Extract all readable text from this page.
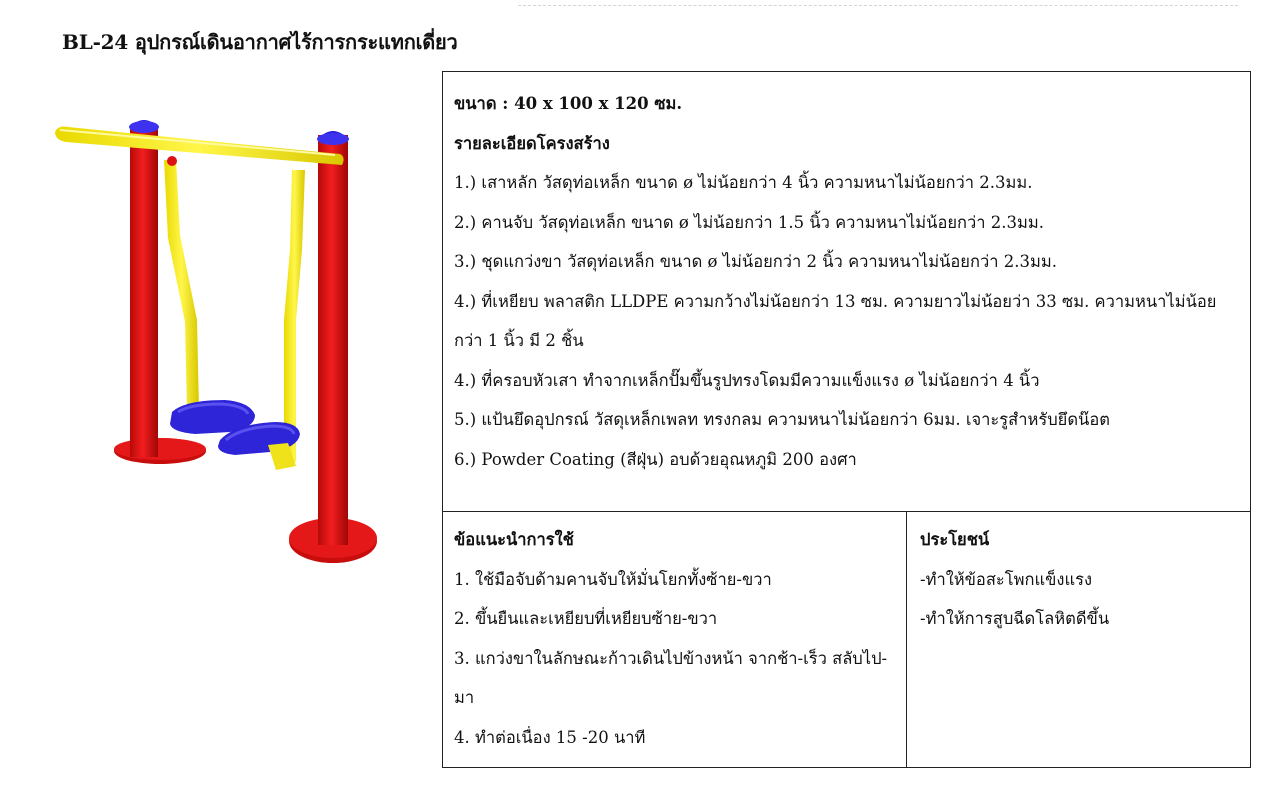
BL-24 อุปกรณ์เดินอากาศไร้การกระแทกเดี่ยว
ขนาด : 40 x 100 x 120 ซม.
รายละเอียดโครงสร้าง
1.) เสาหลัก วัสดุท่อเหล็ก ขนาด ø ไม่น้อยกว่า 4 นิ้ว ความหนาไม่น้อยกว่า 2.3มม.
2.) คานจับ วัสดุท่อเหล็ก ขนาด ø ไม่น้อยกว่า 1.5 นิ้ว ความหนาไม่น้อยกว่า 2.3มม.
3.) ชุดแกว่งขา วัสดุท่อเหล็ก ขนาด ø ไม่น้อยกว่า 2 นิ้ว ความหนาไม่น้อยกว่า 2.3มม.
4.) ที่เหยียบ พลาสติก LLDPE ความกว้างไม่น้อยกว่า 13 ซม. ความยาวไม่น้อยว่า 33 ซม. ความหนาไม่น้อยกว่า 1 นิ้ว มี 2 ชิ้น
4.) ที่ครอบหัวเสา ทำจากเหล็กปั๊มขึ้นรูปทรงโดมมีความแข็งแรง ø ไม่น้อยกว่า 4 นิ้ว
5.) แป้นยึดอุปกรณ์ วัสดุเหล็กเพลท ทรงกลม ความหนาไม่น้อยกว่า 6มม. เจาะรูสำหรับยึดน๊อต
6.) Powder Coating (สีฝุ่น) อบด้วยอุณหภูมิ 200 องศา
ข้อแนะนำการใช้
1. ใช้มือจับด้ามคานจับให้มั่นโยกทั้งซ้าย-ขวา
2. ขึ้นยืนและเหยียบที่เหยียบซ้าย-ขวา
3. แกว่งขาในลักษณะก้าวเดินไปข้างหน้า จากช้า-เร็ว สลับไป-มา
4. ทำต่อเนื่อง 15 -20 นาที
ประโยชน์
-ทำให้ข้อสะโพกแข็งแรง
-ทำให้การสูบฉีดโลหิตดีขึ้น
